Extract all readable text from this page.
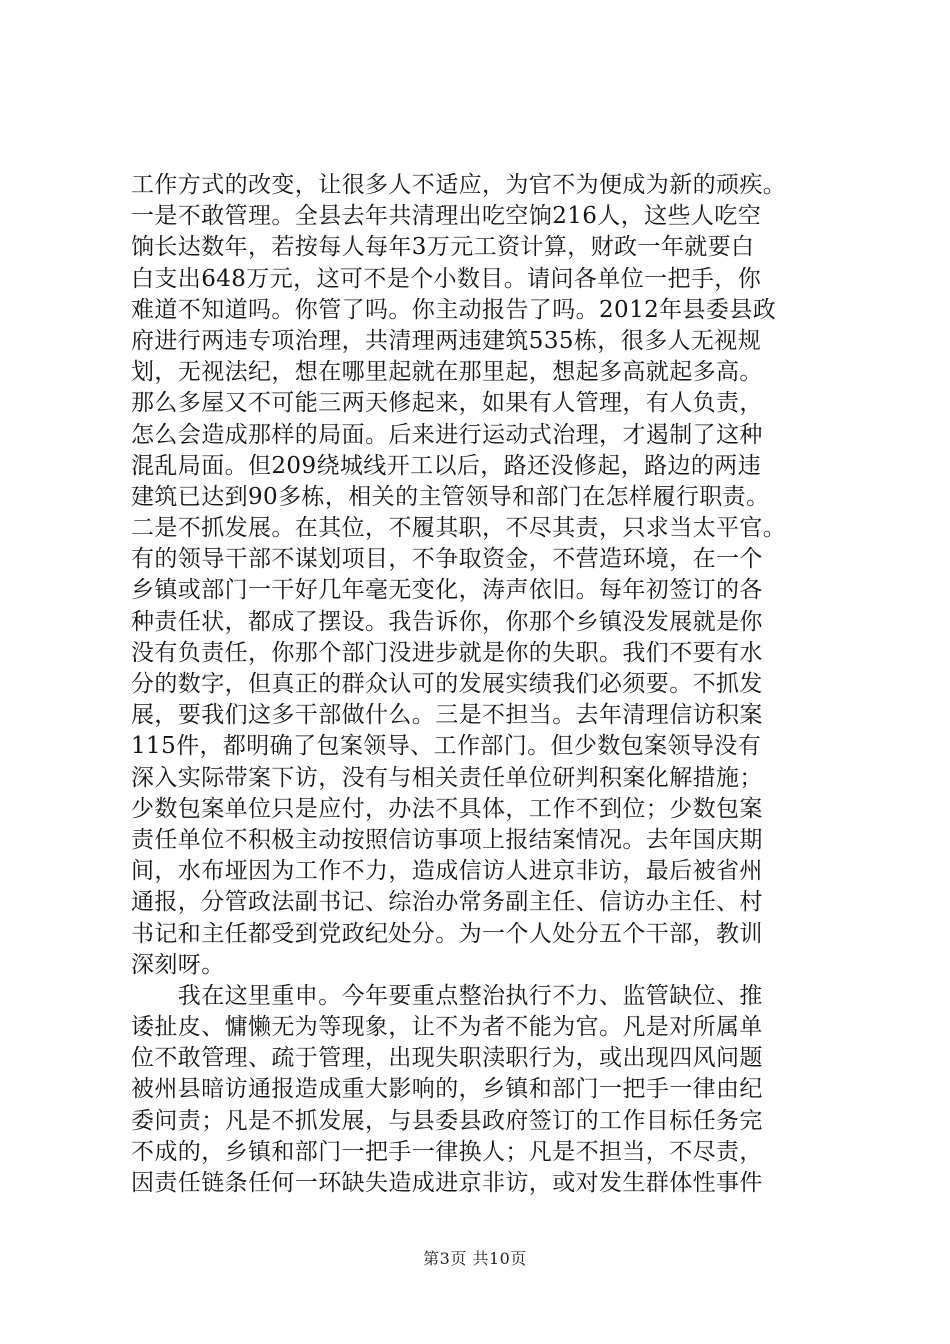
工作方式的改变，让很多人不适应，为官不为便成为新的顽疾。
一是不敢管理。全县去年共清理出吃空饷216人，这些人吃空
饷长达数年，若按每人每年3万元工资计算，财政一年就要白
白支出648万元，这可不是个小数目。请问各单位一把手，你
难道不知道吗。你管了吗。你主动报告了吗。2012年县委县政
府进行两违专项治理，共清理两违建筑535栋，很多人无视规
划，无视法纪，想在哪里起就在那里起，想起多高就起多高。
那么多屋又不可能三两天修起来，如果有人管理，有人负责，
怎么会造成那样的局面。后来进行运动式治理，才遏制了这种
混乱局面。但209绕城线开工以后，路还没修起，路边的两违
建筑已达到90多栋，相关的主管领导和部门在怎样履行职责。
二是不抓发展。在其位，不履其职，不尽其责，只求当太平官。
有的领导干部不谋划项目，不争取资金，不营造环境，在一个
乡镇或部门一干好几年毫无变化，涛声依旧。每年初签订的各
种责任状，都成了摆设。我告诉你，你那个乡镇没发展就是你
没有负责任，你那个部门没进步就是你的失职。我们不要有水
分的数字，但真正的群众认可的发展实绩我们必须要。不抓发
展，要我们这多干部做什么。三是不担当。去年清理信访积案
115件，都明确了包案领导、工作部门。但少数包案领导没有
深入实际带案下访，没有与相关责任单位研判积案化解措施；
少数包案单位只是应付，办法不具体，工作不到位；少数包案
责任单位不积极主动按照信访事项上报结案情况。去年国庆期
间，水布垭因为工作不力，造成信访人进京非访，最后被省州
通报，分管政法副书记、综治办常务副主任、信访办主任、村
书记和主任都受到党政纪处分。为一个人处分五个干部，教训
深刻呀。

　　我在这里重申。今年要重点整治执行不力、监管缺位、推
诿扯皮、慵懒无为等现象，让不为者不能为官。凡是对所属单
位不敢管理、疏于管理，出现失职渎职行为，或出现四风问题
被州县暗访通报造成重大影响的，乡镇和部门一把手一律由纪
委问责；凡是不抓发展，与县委县政府签订的工作目标任务完
不成的，乡镇和部门一把手一律换人；凡是不担当，不尽责，
因责任链条任何一环缺失造成进京非访，或对发生群体性事件

第3页 共10页
